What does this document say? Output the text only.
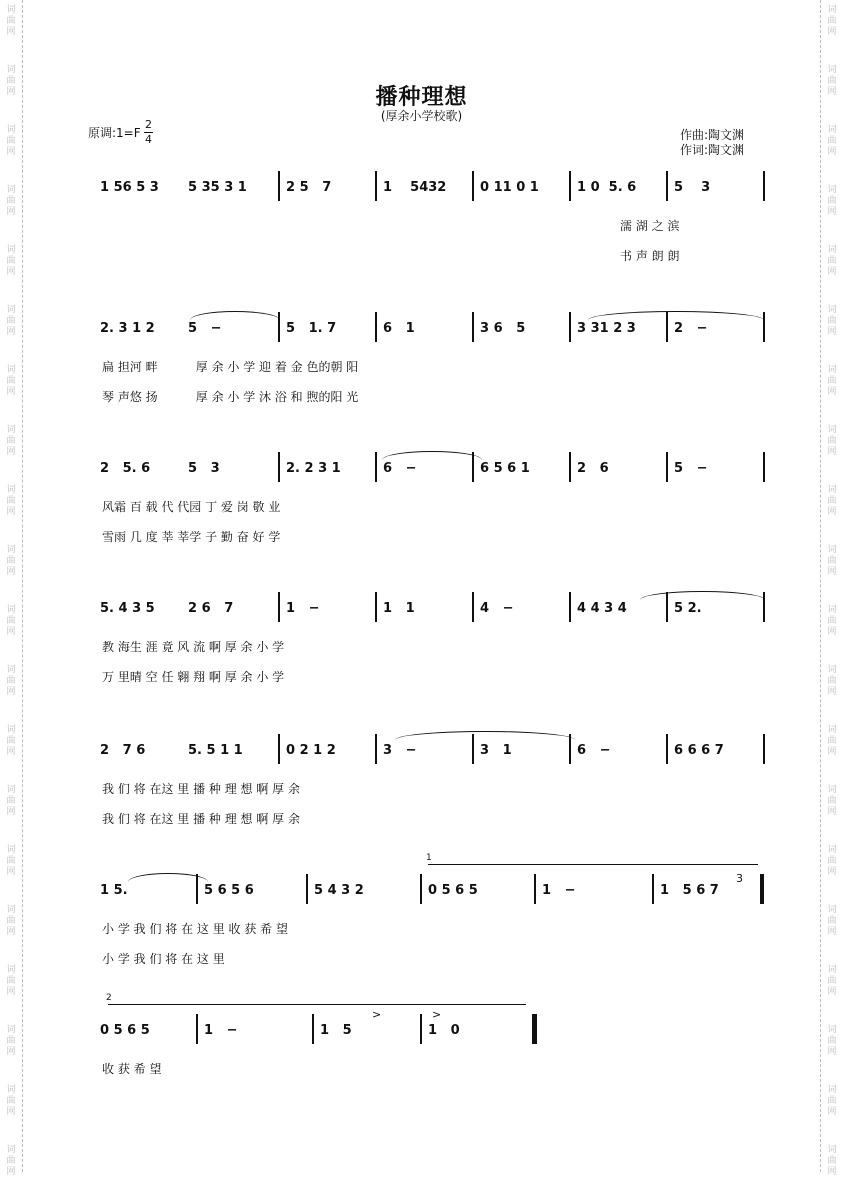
词
曲
网
词
曲
网
词
曲
网
词
曲
网
词
曲
网
词
曲
网
词
曲
网
词
曲
网
词
曲
网
词
曲
网
词
曲
网
词
曲
网
词
曲
网
词
曲
网
词
曲
网
词
曲
网
词
曲
网
词
曲
网
词
曲
网
词
曲
网
词
曲
网
词
曲
网
词
曲
网
词
曲
网
词
曲
网
词
曲
网
词
曲
网
词
曲
网
词
曲
网
词
曲
网
词
曲
网
词
曲
网
词
曲
网
词
曲
网
词
曲
网
词
曲
网
词
曲
网
词
曲
网
词
曲
网
词
曲
网
播种理想
(厚余小学校歌)
原调:1=F $\frac{2}{4}$	作曲:陶文渊
作词:陶文渊
1 56 5 3 5 35 3 1	2 5   7	1    5432	0 11 0 1	1 0  5. 6	5    3
濡 湖 之 滨
书 声 朗 朗
2. 3 1 2	5   −	5   1. 7	6   1	3 6   5	3 31 2 3	2   −
扁 担河 畔          厚 余 小 学 迎 着 金 色的朝 阳
琴 声悠 扬          厚 余 小 学 沐 浴 和 煦的阳 光
2   5. 6	5   3	2. 2 3 1	6   −	6 5 6 1	2   6	5   −
风霜 百 载 代 代园 丁 爱 岗 敬 业
雪雨 几 度 莘 莘学 子 勤 奋 好 学
5. 4 3 5	2 6   7	1   −	1   1	4   −	4 4 3 4	5 2.
教 海生 涯 竟 风 流 啊 厚 余 小 学
万 里晴 空 任 翱 翔 啊 厚 余 小 学
2   7 6	5. 5 1 1	0 2 1 2	3   −	3   1	6   −	6 6 6 7
我 们 将 在这 里 播 种 理 想 啊 厚 余
我 们 将 在这 里 播 种 理 想 啊 厚 余
1 5.	5 6 5 6	5 4 3 2	0 5 6 5	1   −	1   5 6 7
小 学 我 们 将 在 这 里 收 获 希 望
小 学 我 们 将 在 这 里
0 5 6 5	1   −	1   5	1   0
收 获 希 望
1
2
3
>	>
